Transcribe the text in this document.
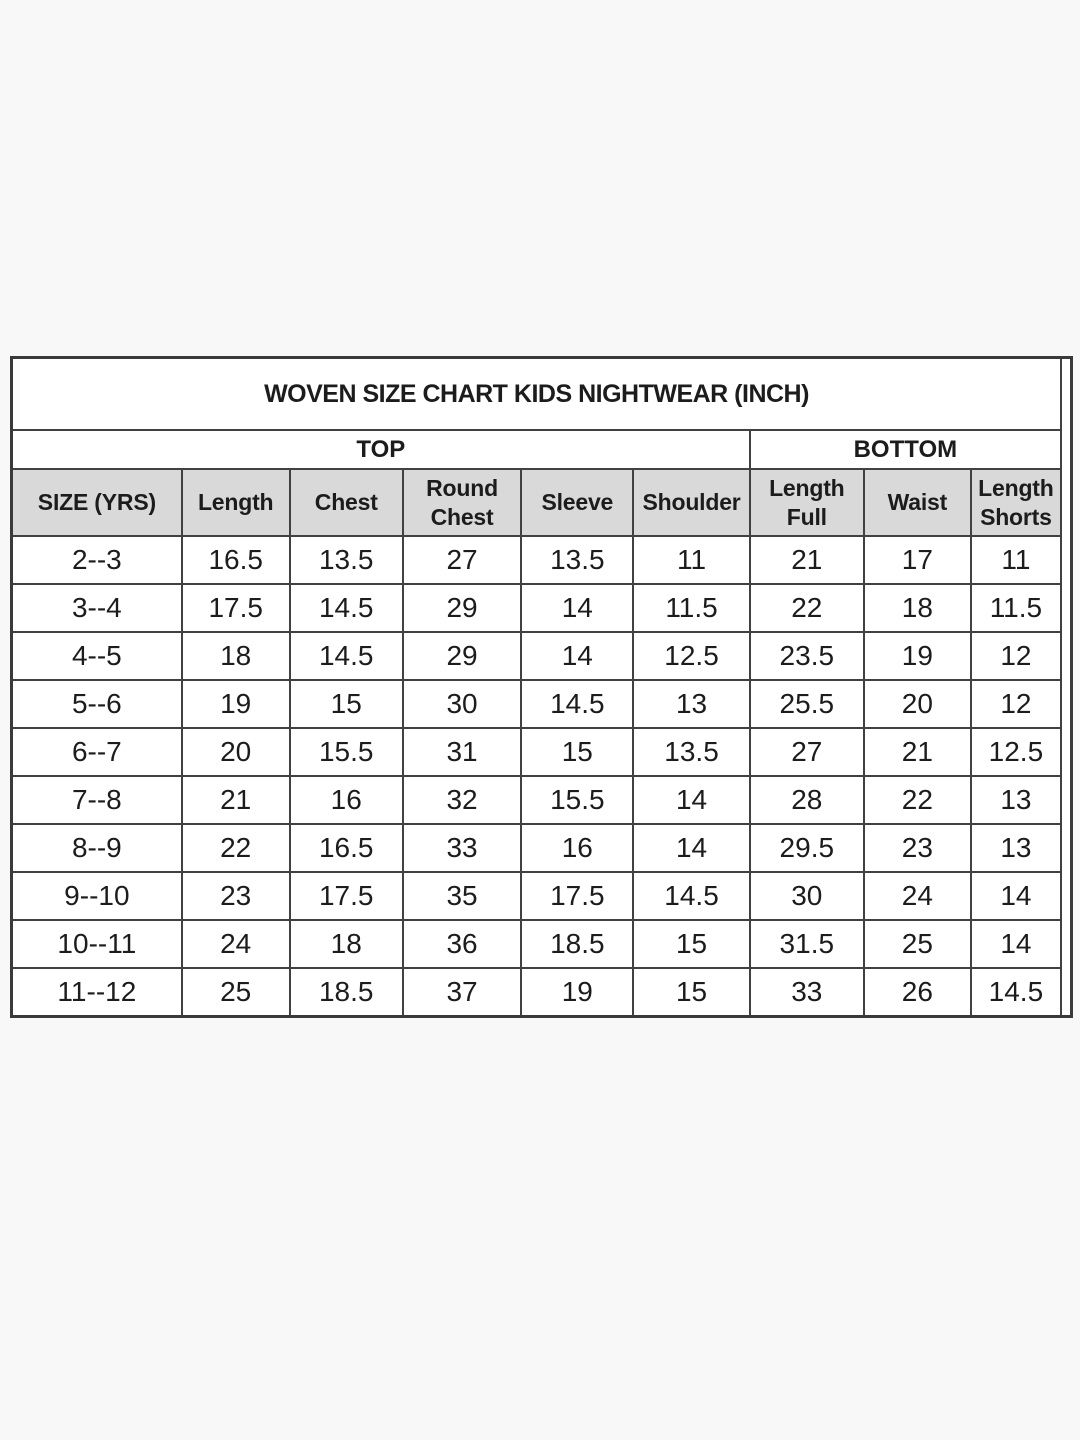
WOVEN SIZE CHART KIDS NIGHTWEAR (INCH)								
TOP						BOTTOM		
SIZE (YRS)	Length	Chest	Round Chest	Sleeve	Shoulder	Length Full	Waist	Length Shorts
2--3	16.5	13.5	27	13.5	11	21	17	11
3--4	17.5	14.5	29	14	11.5	22	18	11.5
4--5	18	14.5	29	14	12.5	23.5	19	12
5--6	19	15	30	14.5	13	25.5	20	12
6--7	20	15.5	31	15	13.5	27	21	12.5
7--8	21	16	32	15.5	14	28	22	13
8--9	22	16.5	33	16	14	29.5	23	13
9--10	23	17.5	35	17.5	14.5	30	24	14
10--11	24	18	36	18.5	15	31.5	25	14
11--12	25	18.5	37	19	15	33	26	14.5
